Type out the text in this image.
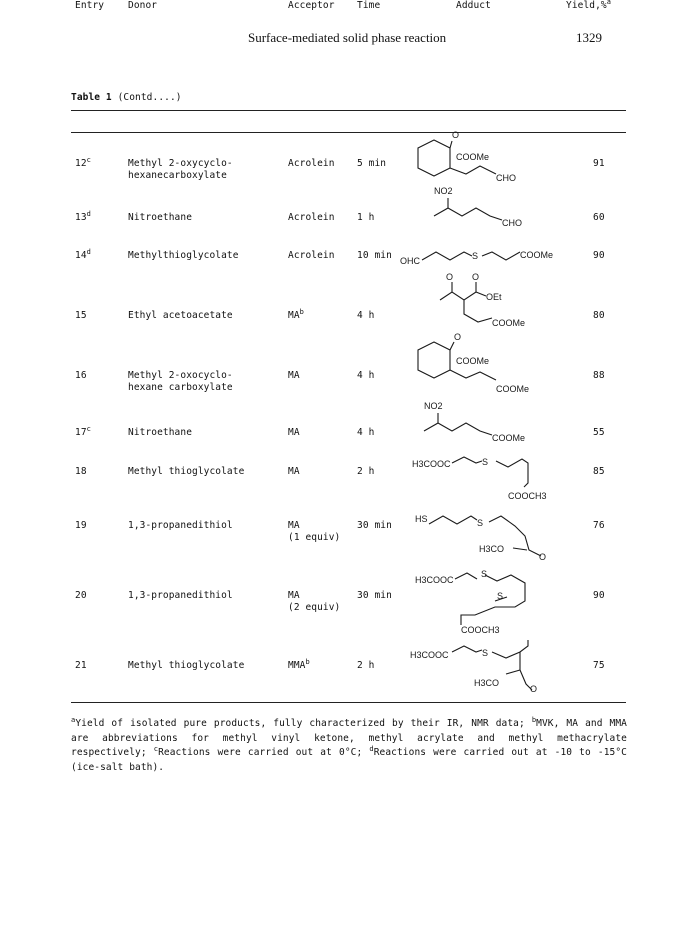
Surface-mediated solid phase reaction	1329
Table 1 (Contd....)
Entry	Donor	Acceptor Time	Adduct	Yield,%$^a$
12$^c$	Methyl 2-oxycyclo-
hexanecarboxylate
Acrolein 5 min	91
13$^d$	Nitroethane	Acrolein 1 h	60
14$^d$	Methylthioglycolate	Acrolein 10 min	90
15	Ethyl acetoacetate	$MA^b$	4 h	80
16	Methyl 2-oxocyclo-
hexane carboxylate
MA	4 h	88
17$^c$	Nitroethane	MA	4 h	55
18	Methyl thioglycolate	MA	2 h	85
19	1,3-propanedithiol	MA
(1 equiv)
30 min	76
20	1,3-propanedithiol	MA
(2 equiv)
30 min	90
21	Methyl thioglycolate	MMA$^b$	2 h	75
$^a$Yield of isolated pure products, fully characterized by their IR, NMR data; $^b$MVK, MA and MMA are abbreviations for methyl vinyl ketone, methyl acrylate and methyl methacrylate respectively; $^c$Reactions were carried out at 0°C; $^d$Reactions were carried out at -10 to -15°C (ice-salt bath).
O
COOMe
CHO
NO2
CHO
OHC	S	COOMe
O O
OEt
COOMe
O
COOMe
COOMe
NO2
COOMe
H3COOC	S
COOCH3
HS	S
H3CO
O
H3COOC
S
S
COOCH3
H3COOC	S
H3CO
O
